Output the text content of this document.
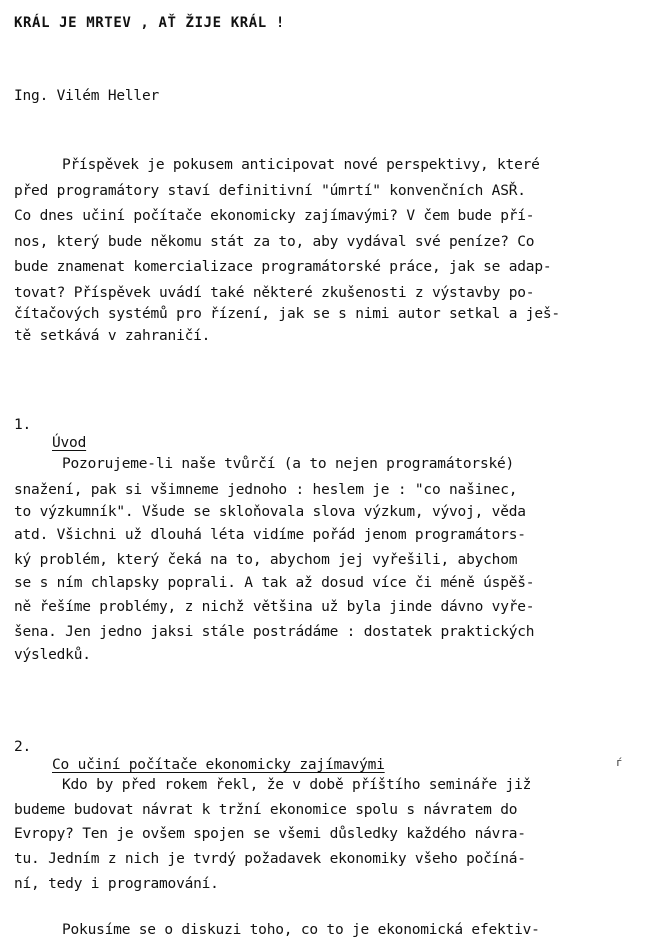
KRÁL JE MRTEV , AŤ ŽIJE KRÁL !
Ing. Vilém Heller
Příspěvek je pokusem anticipovat nové perspektivy, které
před programátory staví definitivní "úmrtí" konvenčních ASŘ.
Co dnes učiní počítače ekonomicky zajímavými? V čem bude pří-
nos, který bude někomu stát za to, aby vydával své peníze? Co
bude znamenat komercializace programátorské práce, jak se adap-
tovat? Příspěvek uvádí také některé zkušenosti z výstavby po-
čítačových systémů pro řízení, jak se s nimi autor setkal a ješ-
tě setkává v zahraničí.

1.

Úvod

Pozorujeme-li naše tvůrčí (a to nejen programátorské)
snažení, pak si všimneme jednoho : heslem je : "co našinec,
to výzkumník". Všude se skloňovala slova výzkum, vývoj, věda
atd. Všichni už dlouhá léta vidíme pořád jenom programátors-
ký problém, který čeká na to, abychom jej vyřešili, abychom
se s ním chlapsky poprali. A tak až dosud více či méně úspěš-
ně řešíme problémy, z nichž většina už byla jinde dávno vyře-
šena. Jen jedno jaksi stále postrádáme : dostatek praktických
výsledků.

2.

Co učiní počítače ekonomicky zajímavými

	ѓ
Kdo by před rokem řekl, že v době příštího semináře již
budeme budovat návrat k tržní ekonomice spolu s návratem do
Evropy? Ten je ovšem spojen se všemi důsledky každého návra-
tu. Jedním z nich je tvrdý požadavek ekonomiky všeho počíná-
ní, tedy i programování.
Pokusíme se o diskuzi toho, co to je ekonomická efektiv-
